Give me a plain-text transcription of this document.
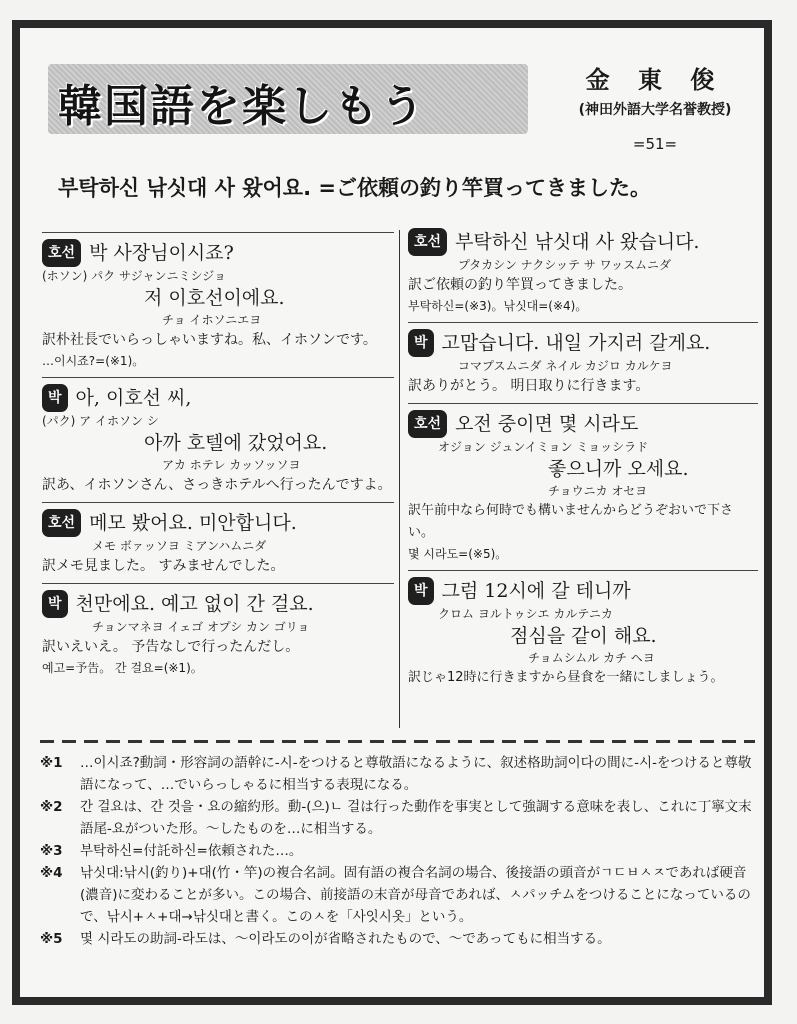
韓国語を楽しもう
金 東 俊
(神田外語大学名誉教授)
=51=
부탁하신 낚싯대 사 왔어요. =ご依頼の釣り竿買ってきました。
호선 박 사장님이시죠?
(ホソン) パク サジャンニミシジョ
저 이호선이에요.
チョ イホソニエヨ
訳朴社長でいらっしゃいますね。私、イホソンです。
…이시죠?=(※1)。
박 아, 이호선 씨,
(パク) ア イホソン シ
아까 호텔에 갔었어요.
アカ ホテレ カッソッソヨ
訳あ、イホソンさん、さっきホテルへ行ったんですよ。
호선 메모 봤어요. 미안합니다.
メモ ボァッソヨ ミアンハムニダ
訳メモ見ました。 すみませんでした。
박 천만에요. 예고 없이 간 걸요.
チョンマネヨ イェゴ オプシ カン ゴリョ
訳いえいえ。 予告なしで行ったんだし。
예고=予告。 간 걸요=(※1)。
호선 부탁하신 낚싯대 사 왔습니다.
プタカシン ナクシッテ サ ワッスムニダ
訳ご依頼の釣り竿買ってきました。
부탁하신=(※3)。낚싯대=(※4)。
박 고맙습니다. 내일 가지러 갈게요.
コマプスムニダ ネイル カジロ カルケヨ
訳ありがとう。 明日取りに行きます。
호선 오전 중이면 몇 시라도
オジョン ジュンイミョン ミョッシラド
좋으니까 오세요.
チョウニカ オセヨ
訳午前中なら何時でも構いませんからどうぞおいで下さい。
몇 시라도=(※5)。
박 그럼 12시에 갈 테니까
クロム ヨルトゥシエ カルテニカ
점심을 같이 해요.
チョムシムル カチ ヘヨ
訳じゃ12時に行きますから昼食を一緒にしましょう。
※1	…이시죠?動詞・形容詞の語幹に-시-をつけると尊敬語になるように、叙述格助詞이다の間に-시-をつけると尊敬語になって、…でいらっしゃるに相当する表現になる。
※2	간 걸요は、간 것을・요の縮約形。動-(으)ㄴ 걸は行った動作を事実として強調する意味を表し、これに丁寧文末語尾-요がついた形。〜したものを…に相当する。
※3	부탁하신=付託하신=依頼された…。
※4	낚싯대:낚시(釣り)+대(竹・竿)の複合名詞。固有語の複合名詞の場合、後接語の頭音がㄱㄷㅂㅅㅈであれば硬音(濃音)に変わることが多い。この場合、前接語の末音が母音であれば、ㅅパッチムをつけることになっているので、낚시+ㅅ+대→낚싯대と書く。このㅅを「사잇시옷」という。
※5	몇 시라도の助詞-라도は、〜이라도の이が省略されたもので、〜であってもに相当する。
